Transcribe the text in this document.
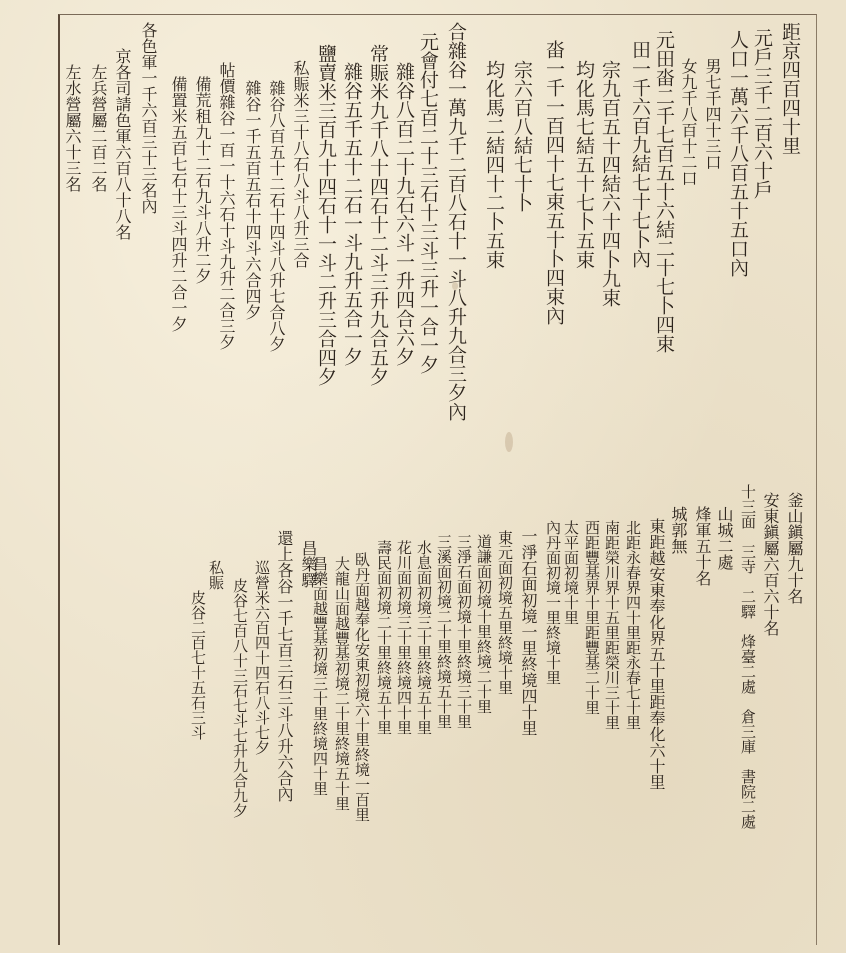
距京四百四十里
元戶三千二百六十戶
人口一萬六千八百五十五口內
男七千四十三口
女九千八百十二口
元田畓二千七百五十六結二十七卜四束
田一千六百九結七十七卜內
宗九百五十四結六十四卜九束
均化馬七結五十七卜五束
畓一千一百四十七束五十卜四束內
宗六百八結七十卜
均化馬二結四十二卜五束
合雜谷一萬九千二百八石十一斗八升九合三夕內
元會付七百二十三石十三斗三升一合一夕
雜谷八百二十九石六斗一升四合六夕
常賑米九千八十四石十二斗三升九合五夕
雜谷五千五十二石一斗九升五合一夕
鹽賣米三百九十四石十一斗二升三合四夕
私賑米三十八石八斗八升三合
雜谷八百五十二石十四斗八升七合八夕
雜谷一千五百五石十四斗六合四夕
帖價雜谷一百一十六石十斗九升二合三夕
備荒租九十二石九斗八升二夕
備置米五百七石十三斗四升二合一夕
各色軍一千六百三十三名內
京各司請色軍六百八十八名
左兵營屬二百二名
左水營屬六十三名
釜山鎭屬九十名
安東鎭屬六百六十名
十三面　三寺　二驛　烽臺二處　倉三庫　書院二處
山城二處
烽軍五十名
城郭無
東距越安東奉化界五十里距奉化六十里
北距永春界四十里距永春七十里
南距榮川界十五里距榮川三十里
西距豐基界十里距豐基二十里
太平面初境十里
內丹面初境一里終境十里
一淨石面初境一里終境四十里
東元面初境五里終境十里
道謙面初境十里終境二十里
三淨石面初境十里終境三十里
三溪面初境二十里終境五十里
水息面初境三十里終境五十里
花川面初境三十里終境四十里
壽民面初境二十里終境五十里
臥丹面越奉化安東初境六十里終境一百里
大龍山面越豐基初境二十里終境五十里
昌樂面越豐基初境三十里終境四十里
還上各谷一千七百三石三斗八升六合內 昌樂驛
巡營米六百四十四石八斗七夕
皮谷七百八十三石七斗七升九合九夕
私賑
皮谷二百七十五石三斗
